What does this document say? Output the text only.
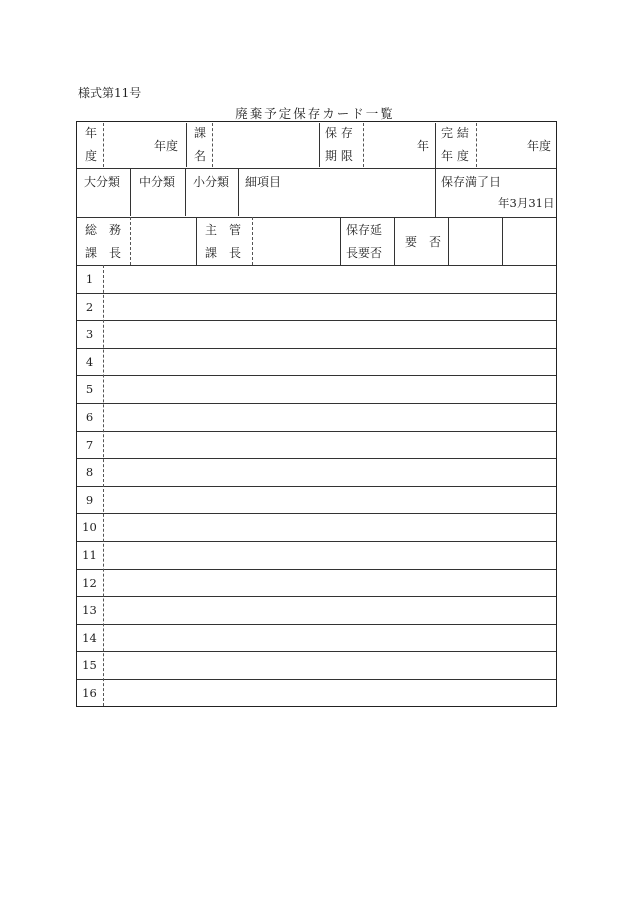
様式第11号
廃棄予定保存カード一覧
年
度
年度
課
名
保 存
期 限
年
完 結
年 度
年度
大分類 中分類 小分類 細項目	保存満了日
年3月31日
総　務
課　長
主　管
課　長
保存延
長要否
要　否
1
2
3
4
5
6
7
8
9
10
11
12
13
14
15
16
